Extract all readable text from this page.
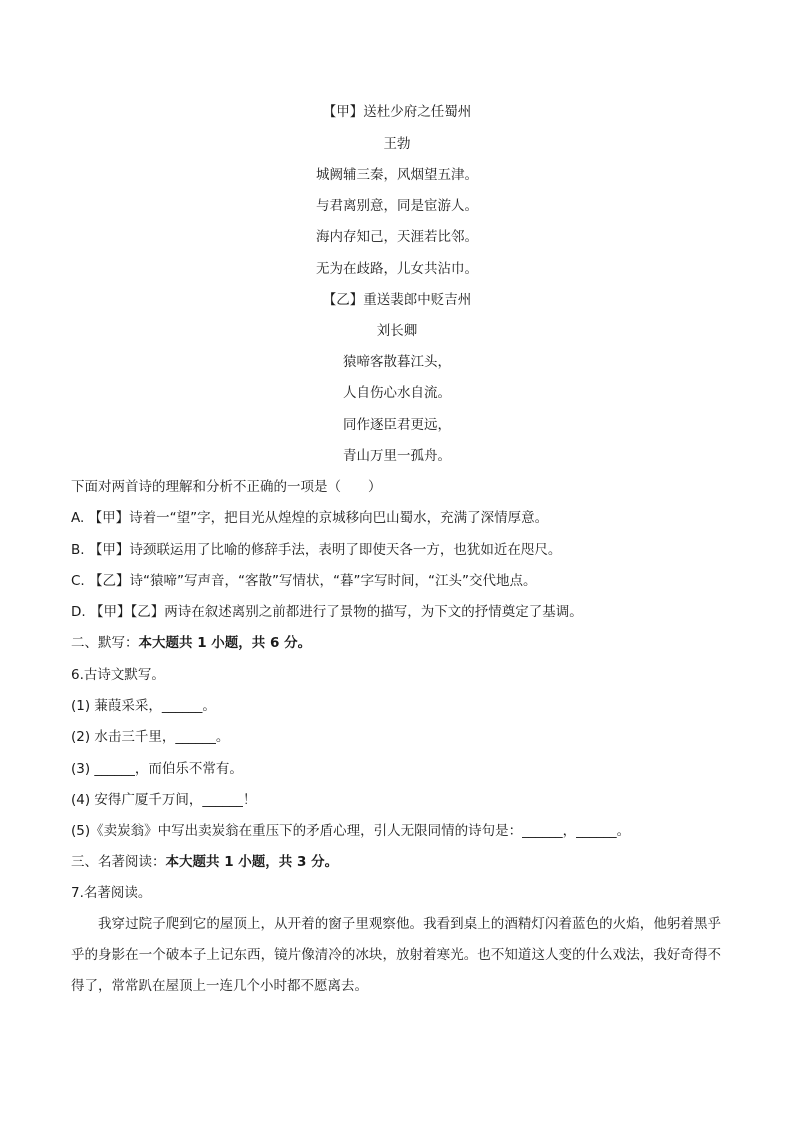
【甲】送杜少府之任蜀州
王勃
城阙辅三秦，风烟望五津。
与君离别意，同是宦游人。
海内存知己，天涯若比邻。
无为在歧路，儿女共沾巾。
【乙】重送裴郎中贬吉州
刘长卿
猿啼客散暮江头，
人自伤心水自流。
同作逐臣君更远，
青山万里一孤舟。
下面对两首诗的理解和分析不正确的一项是（　　）
A. 【甲】诗着一“望”字，把目光从煌煌的京城移向巴山蜀水，充满了深情厚意。
B. 【甲】诗颈联运用了比喻的修辞手法，表明了即使天各一方，也犹如近在咫尺。
C. 【乙】诗“猿啼”写声音，“客散”写情状，“暮”字写时间，“江头”交代地点。
D. 【甲】【乙】两诗在叙述离别之前都进行了景物的描写，为下文的抒情奠定了基调。
二、默写：本大题共 1 小题，共 6 分。
6.古诗文默写。
(1) 蒹葭采采，______。
(2) 水击三千里，______。
(3) ______，而伯乐不常有。
(4) 安得广厦千万间，______！
(5)《卖炭翁》中写出卖炭翁在重压下的矛盾心理，引人无限同情的诗句是：______，______。
三、名著阅读：本大题共 1 小题，共 3 分。
7.名著阅读。
我穿过院子爬到它的屋顶上，从开着的窗子里观察他。我看到桌上的酒精灯闪着蓝色的火焰，他躬着黑乎乎的身影在一个破本子上记东西，镜片像清冷的冰块，放射着寒光。也不知道这人变的什么戏法，我好奇得不得了，常常趴在屋顶上一连几个小时都不愿离去。
